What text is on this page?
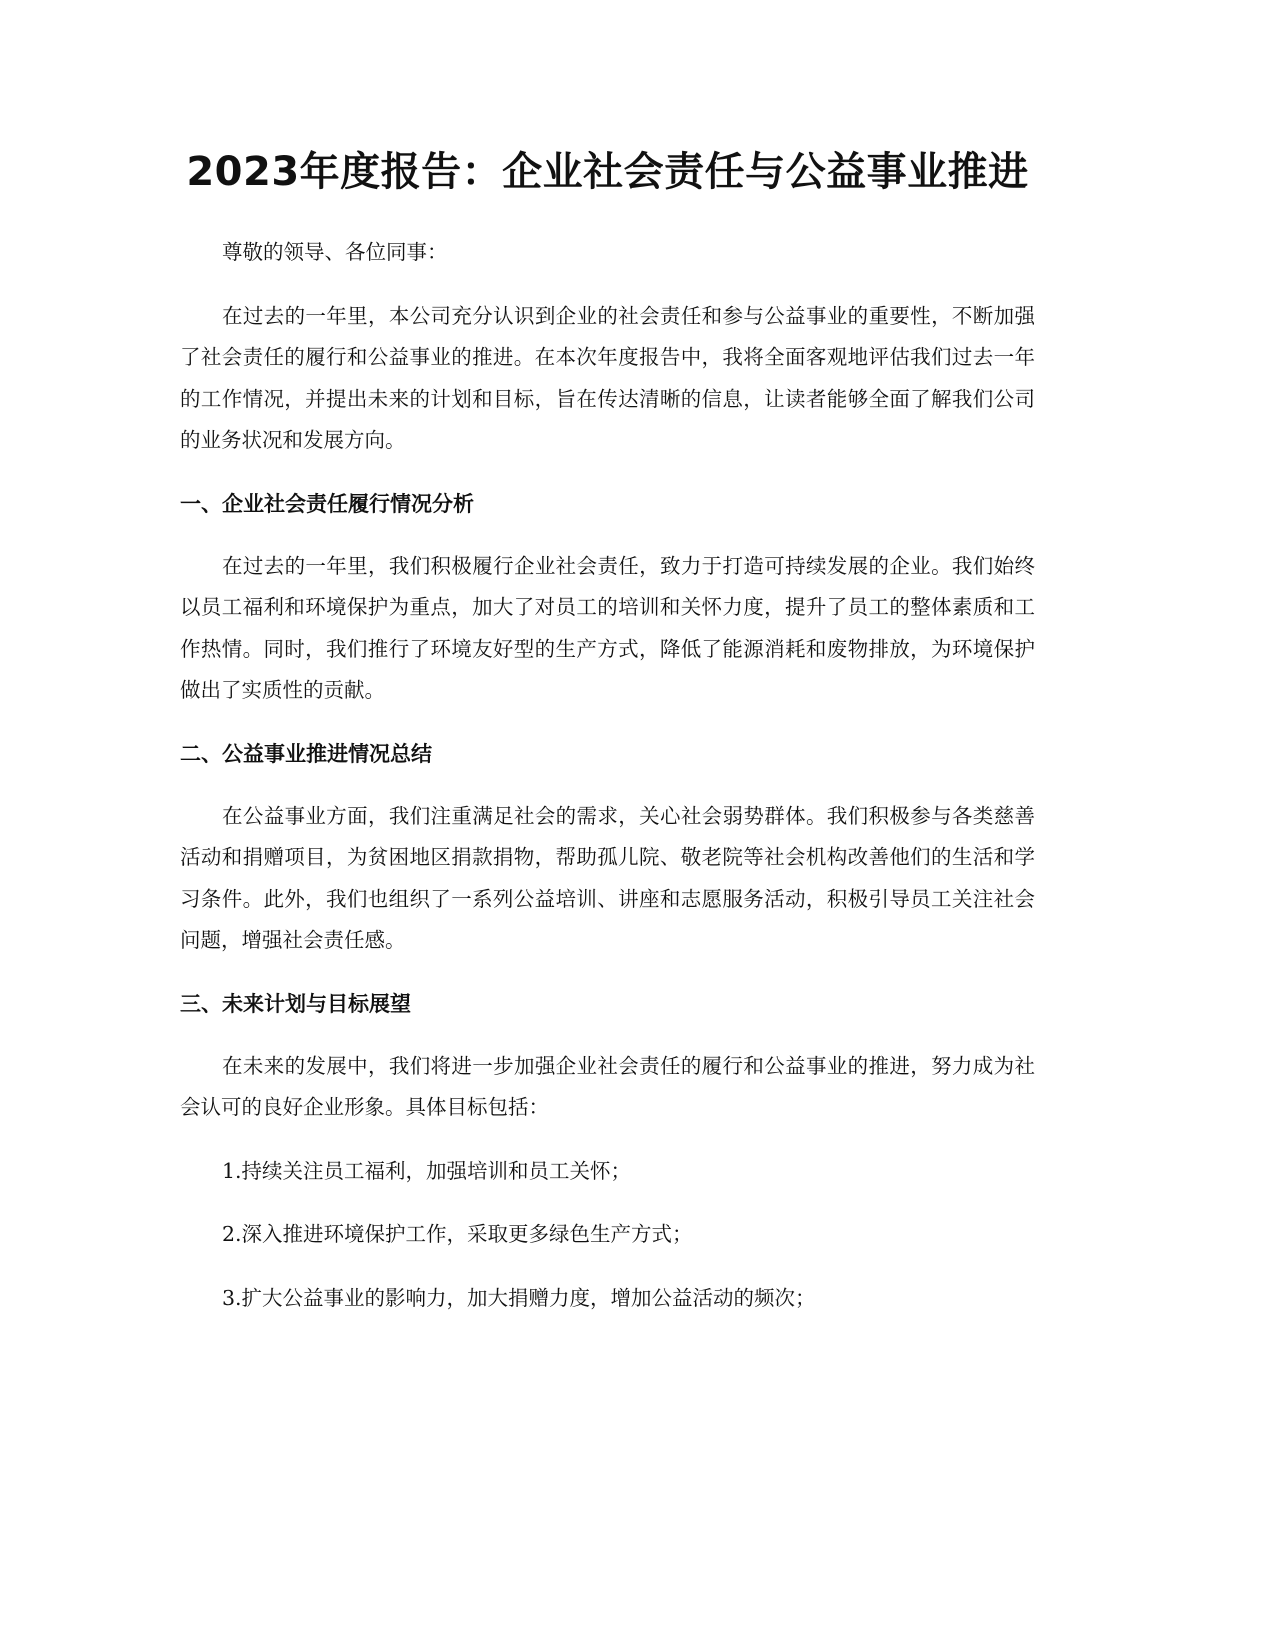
2023年度报告：企业社会责任与公益事业推进

尊敬的领导、各位同事：

在过去的一年里，本公司充分认识到企业的社会责任和参与公益事业的重要性，不断加强了社会责任的履行和公益事业的推进。在本次年度报告中，我将全面客观地评估我们过去一年的工作情况，并提出未来的计划和目标，旨在传达清晰的信息，让读者能够全面了解我们公司的业务状况和发展方向。

一、企业社会责任履行情况分析

在过去的一年里，我们积极履行企业社会责任，致力于打造可持续发展的企业。我们始终以员工福利和环境保护为重点，加大了对员工的培训和关怀力度，提升了员工的整体素质和工作热情。同时，我们推行了环境友好型的生产方式，降低了能源消耗和废物排放，为环境保护做出了实质性的贡献。

二、公益事业推进情况总结

在公益事业方面，我们注重满足社会的需求，关心社会弱势群体。我们积极参与各类慈善活动和捐赠项目，为贫困地区捐款捐物，帮助孤儿院、敬老院等社会机构改善他们的生活和学习条件。此外，我们也组织了一系列公益培训、讲座和志愿服务活动，积极引导员工关注社会问题，增强社会责任感。

三、未来计划与目标展望

在未来的发展中，我们将进一步加强企业社会责任的履行和公益事业的推进，努力成为社会认可的良好企业形象。具体目标包括：

1.持续关注员工福利，加强培训和员工关怀；

2.深入推进环境保护工作，采取更多绿色生产方式；

3.扩大公益事业的影响力，加大捐赠力度，增加公益活动的频次；
